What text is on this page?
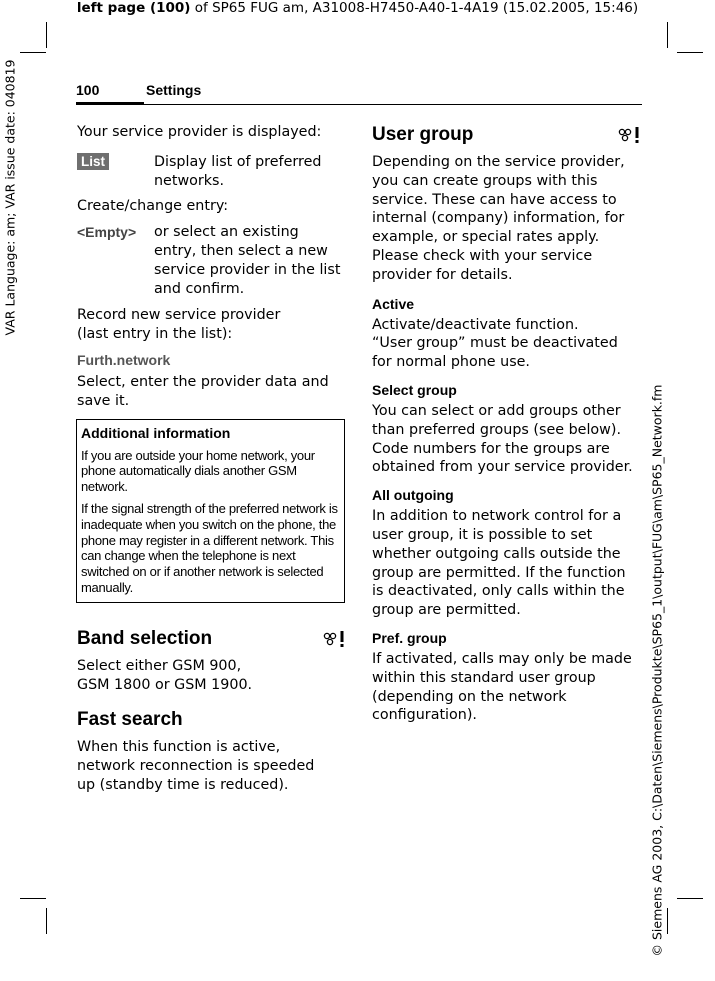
left page (100) of SP65 FUG am, A31008-H7450-A40-1-4A19 (15.02.2005, 15:46)
VAR Language: am; VAR issue date: 040819
© Siemens AG 2003, C:\Daten\Siemens\Produkte\SP65_1\output\FUG\am\SP65_Network.fm
100	Settings

Your service provider is displayed:

List	Display list of preferred networks.

Create/change entry:

<Empty>	or select an existing entry, then select a new service provider in the list and confirm.

Record new service provider

(last entry in the list):

Furth.network

Select, enter the provider data and save it.

Additional information

If you are outside your home network, your phone automatically dials another GSM network.

If the signal strength of the preferred network is inadequate when you switch on the phone, the phone may register in a different network. This can change when the telephone is next switched on or if another network is selected manually.

Band selection

Select either GSM 900, GSM 1800 or GSM 1900.

Fast search

When this function is active, network reconnection is speeded up (standby time is reduced).

User group

Depending on the service provider, you can create groups with this service. These can have access to internal (company) information, for example, or special rates apply. Please check with your service provider for details.

Active

Activate/deactivate function. “User group” must be deactivated for normal phone use.

Select group

You can select or add groups other than preferred groups (see below). Code numbers for the groups are obtained from your service provider.

All outgoing

In addition to network control for a user group, it is possible to set whether outgoing calls outside the group are permitted. If the function is deactivated, only calls within the group are permitted.

Pref. group

If activated, calls may only be made within this standard user group (depending on the network configuration).
